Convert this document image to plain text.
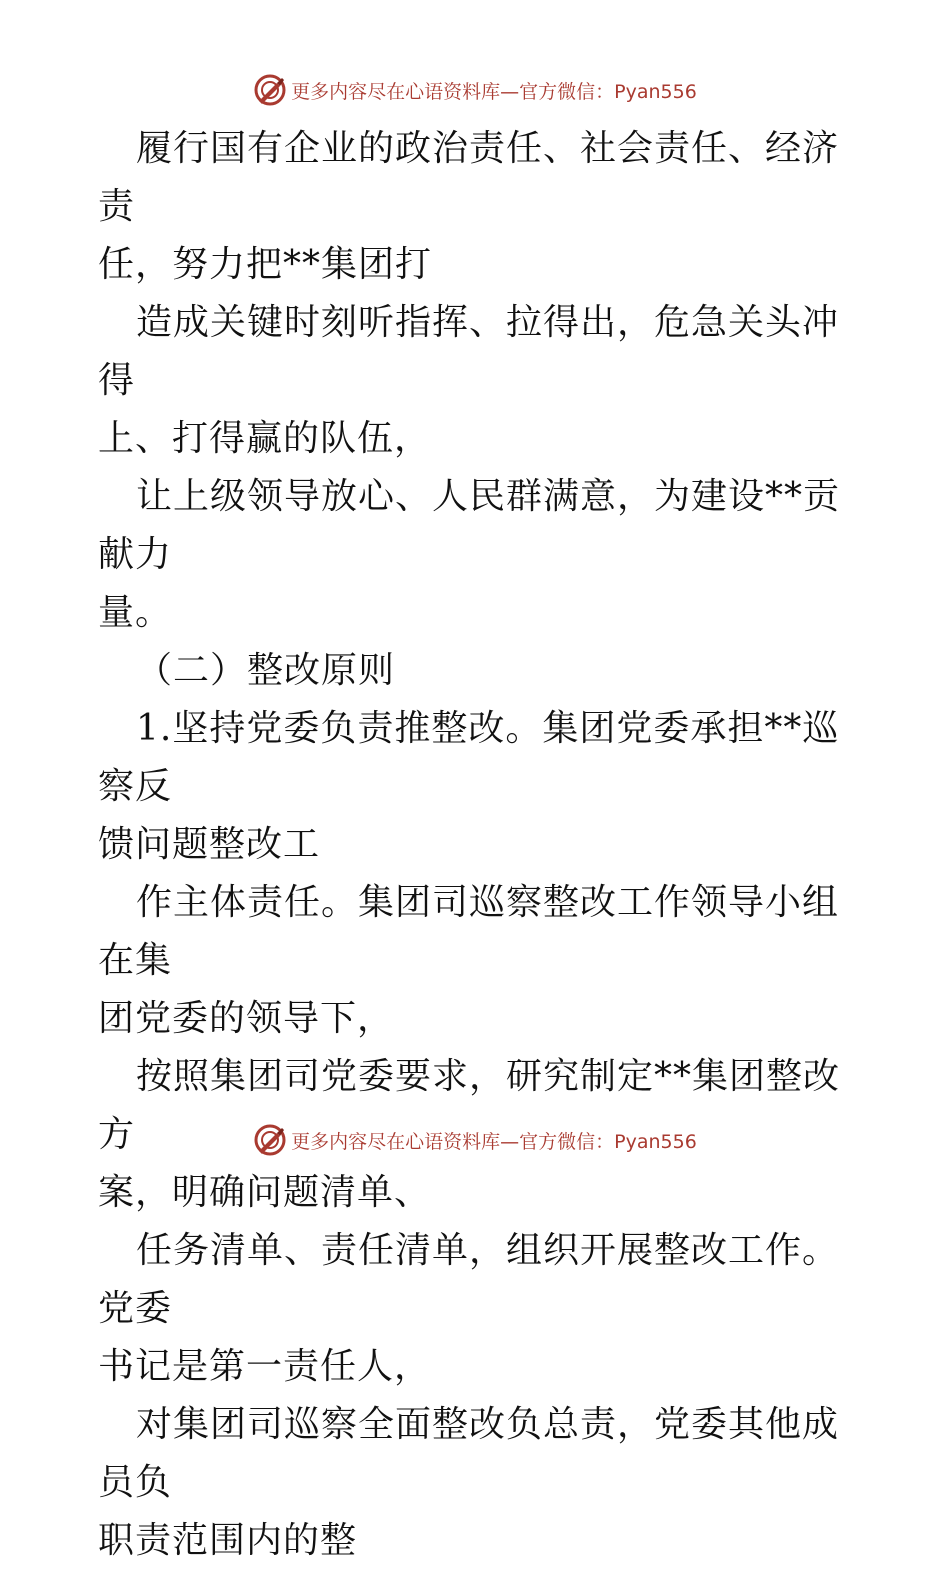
更多内容尽在心语资料库—官方微信：Pyan556

履行国有企业的政治责任、社会责任、经济责
任，努力把**集团打

造成关键时刻听指挥、拉得出，危急关头冲得
上、打得赢的队伍，

让上级领导放心、人民群满意，为建设**贡献力
量。

（二）整改原则

1.坚持党委负责推整改。集团党委承担**巡察反
馈问题整改工

作主体责任。集团司巡察整改工作领导小组在集
团党委的领导下，

按照集团司党委要求，研究制定**集团整改方
案，明确问题清单、

任务清单、责任清单，组织开展整改工作。党委
书记是第一责任人，

对集团司巡察全面整改负总责，党委其他成员负
职责范围内的整

更多内容尽在心语资料库—官方微信：Pyan556
